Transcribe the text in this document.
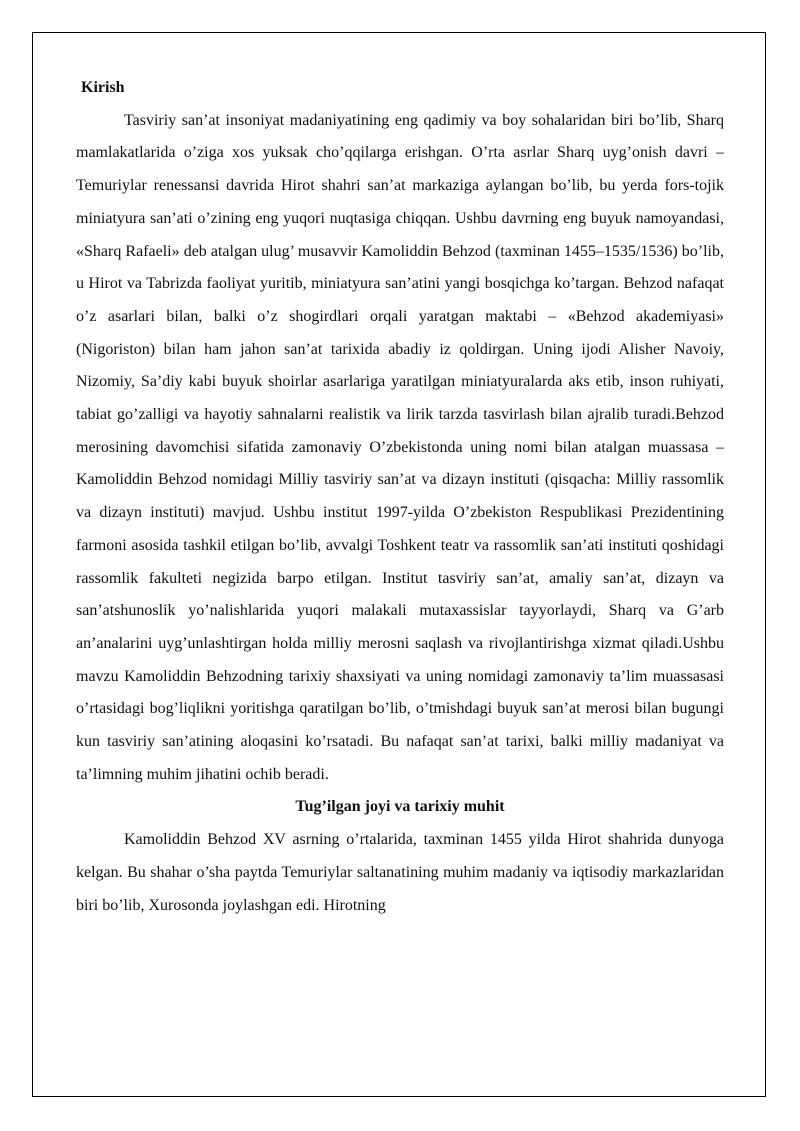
Kirish

Tasviriy san’at insoniyat madaniyatining eng qadimiy va boy sohalaridan biri bo’lib, Sharq mamlakatlarida o’ziga xos yuksak cho’qqilarga erishgan. O’rta asrlar Sharq uyg’onish davri – Temuriylar renessansi davrida Hirot shahri san’at markaziga aylangan bo’lib, bu yerda fors-tojik miniatyura san’ati o’zining eng yuqori nuqtasiga chiqqan. Ushbu davrning eng buyuk namoyandasi, «Sharq Rafaeli» deb atalgan ulug’ musavvir Kamoliddin Behzod (taxminan 1455–1535/1536) bo’lib, u Hirot va Tabrizda faoliyat yuritib, miniatyura san’atini yangi bosqichga ko’targan. Behzod nafaqat o’z asarlari bilan, balki o’z shogirdlari orqali yaratgan maktabi – «Behzod akademiyasi» (Nigoriston) bilan ham jahon san’at tarixida abadiy iz qoldirgan. Uning ijodi Alisher Navoiy, Nizomiy, Sa’diy kabi buyuk shoirlar asarlariga yaratilgan miniatyuralarda aks etib, inson ruhiyati, tabiat go’zalligi va hayotiy sahnalarni realistik va lirik tarzda tasvirlash bilan ajralib turadi.Behzod merosining davomchisi sifatida zamonaviy O’zbekistonda uning nomi bilan atalgan muassasa – Kamoliddin Behzod nomidagi Milliy tasviriy san’at va dizayn instituti (qisqacha: Milliy rassomlik va dizayn instituti) mavjud. Ushbu institut 1997-yilda O’zbekiston Respublikasi Prezidentining farmoni asosida tashkil etilgan bo’lib, avvalgi Toshkent teatr va rassomlik san’ati instituti qoshidagi rassomlik fakulteti negizida barpo etilgan. Institut tasviriy san’at, amaliy san’at, dizayn va san’atshunoslik yo’nalishlarida yuqori malakali mutaxassislar tayyorlaydi, Sharq va G’arb an’analarini uyg’unlashtirgan holda milliy merosni saqlash va rivojlantirishga xizmat qiladi.Ushbu mavzu Kamoliddin Behzodning tarixiy shaxsiyati va uning nomidagi zamonaviy ta’lim muassasasi o’rtasidagi bog’liqlikni yoritishga qaratilgan bo’lib, o’tmishdagi buyuk san’at merosi bilan bugungi kun tasviriy san’atining aloqasini ko’rsatadi. Bu nafaqat san’at tarixi, balki milliy madaniyat va ta’limning muhim jihatini ochib beradi.

Tug’ilgan joyi va tarixiy muhit

Kamoliddin Behzod XV asrning o’rtalarida, taxminan 1455 yilda Hirot shahrida dunyoga kelgan. Bu shahar o’sha paytda Temuriylar saltanatining muhim madaniy va iqtisodiy markazlaridan biri bo’lib, Xurosonda joylashgan edi. Hirotning
